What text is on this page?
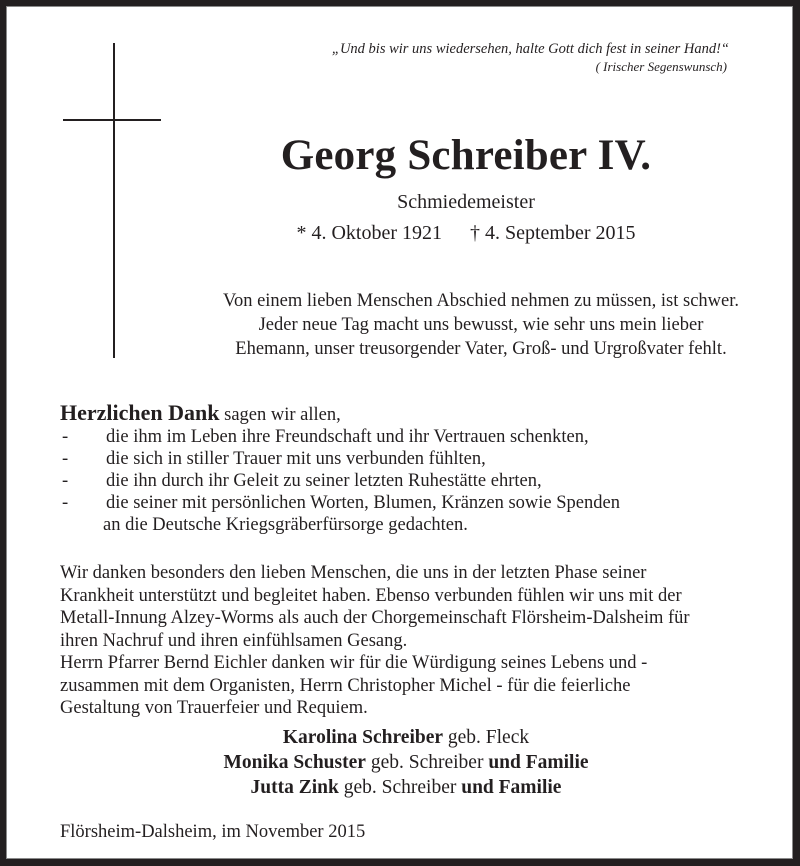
„Und bis wir uns wiedersehen, halte Gott dich fest in seiner Hand!“
( Irischer Segenswunsch)
Georg Schreiber IV.
Schmiedemeister
* 4. Oktober 1921 † 4. September 2015
Von einem lieben Menschen Abschied nehmen zu müssen, ist schwer.
Jeder neue Tag macht uns bewusst, wie sehr uns mein lieber
Ehemann, unser treusorgender Vater, Groß- und Urgroßvater fehlt.
Herzlichen Dank sagen wir allen,
- die ihm im Leben ihre Freundschaft und ihr Vertrauen schenkten,
- die sich in stiller Trauer mit uns verbunden fühlten,
- die ihn durch ihr Geleit zu seiner letzten Ruhestätte ehrten,
- die seiner mit persönlichen Worten, Blumen, Kränzen sowie Spenden
an die Deutsche Kriegsgräberfürsorge gedachten.
Wir danken besonders den lieben Menschen, die uns in der letzten Phase seiner
Krankheit unterstützt und begleitet haben. Ebenso verbunden fühlen wir uns mit der
Metall-Innung Alzey-Worms als auch der Chorgemeinschaft Flörsheim-Dalsheim für
ihren Nachruf und ihren einfühlsamen Gesang.
Herrn Pfarrer Bernd Eichler danken wir für die Würdigung seines Lebens und -
zusammen mit dem Organisten, Herrn Christopher Michel - für die feierliche
Gestaltung von Trauerfeier und Requiem.
Karolina Schreiber geb. Fleck
Monika Schuster geb. Schreiber und Familie
Jutta Zink geb. Schreiber und Familie
Flörsheim-Dalsheim, im November 2015
